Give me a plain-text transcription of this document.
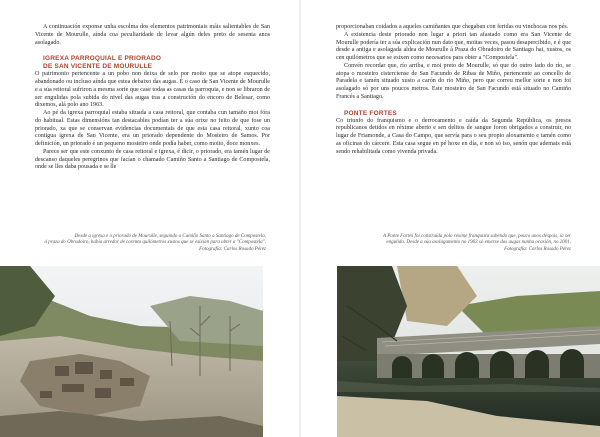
A continuación exponse unha escolma dos elementos patrimoniais máis salientables de San Vicente de Mourulle, aínda coa peculiaridade de levar algún deles preto de sesenta anos asolagado.

IGREXA PARROQUIAL E PRIORADO

DE SAN VICENTE DE MOURULLE

O patrimonio pertencente a un pobo non deixa de selo por moito que se atope esquecido, abandonado ou incluso aínda que estea debaixo das augas. É o caso de San Vicente de Mourulle e a súa reitoral sufriron a mesma sorte que case todas as casas da parroquia, e non se libraron de ser engulidas pola subida do nivel das augas tras a construción do encoro de Belesar, como dixemos, alá polo ano 1963.

Ao pé da igrexa parroquial estaba situada a casa reitoral, que contaba cun tamaño moi fóra do habitual. Estas dimensións tan destacables podían ter a súa orixe no feito de que fose un priorado, xa que se conservan evidencias documentais de que esta casa reitoral, xunto coa contigua igrexa de San Vicente, era un priorado dependente do Mosteiro de Samos. Por definición, un priorado é un pequeno mosteiro onde podía haber, como moito, doce monxes.

Parece ser que este conxunto de casa reitoral e igrexa, é dicir, o priorado, era tamén lugar de descanso daqueles peregrinos que facían o chamado Camiño Santo a Santiago de Compostela, onde se lles daba pousada e se lle

Desde a igrexa e o priorado de Mourulle, seguindo o Camiño Santo a Santiago de Compostela,
á praza do Obradoiro, había arredor de corenta quilómetros xustos que se esixían para obter a "Compostela".
Fotografía: Carlos Rosado Pérez

proporcionaban coidados a aqueles camiñantes que chegaban con feridas ou vinchocas nos pés.

A existencia deste priorado non lugar a priori tan afastado como era San Vicente de Mourulle podería ter a súa explicación nun dato que, moitas veces, pasou desapercibido, e é que desde a antiga e asolagada aldea de Mourulle á Praza do Obradoiro de Santiago hai, xustos, os cen quilómetros que se esixen como necesarios para obter a "Compostela".

Convén recordar que, río arriba, e moi preto de Mourulle, só que do outro lado do río, se atopa o mosteiro cisterciense de San Facundo de Ribas de Miño, pertencente ao concello de Paradela e tamén situado xusto a carón do río Miño, pero que correu mellor sorte e non foi asolagado só por uns poucos metros. Este mosteiro de San Facundo está situado no Camiño Francés a Santiago.

PONTE FORTES

Co triunfo do franquismo e o derrocamento e caída da Segunda República, os presos republicanos detidos en réxime aberto e sen delitos de sangue foron obrigados a construír, no lugar de Friamonde, a Casa do Campo, que servía para o seu propio aloxamento e tamén como as oficinas do cárcere. Esta casa segue en pé hoxe en día, e non só iso, senón que ademais está sendo rehabilitada como vivenda privada.

A Ponte Fortes foi construída polo réxime franquista sabendo que, pouco anos despois, ía ser
engulida. Desde a súa asolagamento no 1963 só emerxe das augas nunha ocasión, no 2001.
Fotografía: Carlos Rosado Pérez
